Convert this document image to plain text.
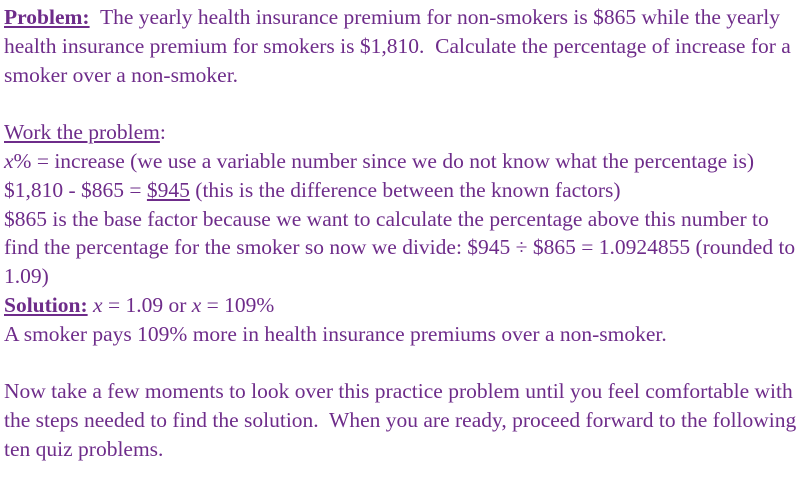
Problem:  The yearly health insurance premium for non-smokers is $865 while the yearly health insurance premium for smokers is $1,810.  Calculate the percentage of increase for a smoker over a non-smoker.

Work the problem:

x% = increase (we use a variable number since we do not know what the percentage is)

$1,810 - $865 = $945 (this is the difference between the known factors)

$865 is the base factor because we want to calculate the percentage above this number to find the percentage for the smoker so now we divide: $945 ÷ $865 = 1.0924855 (rounded to 1.09)

Solution: x = 1.09 or x = 109%

A smoker pays 109% more in health insurance premiums over a non-smoker.

Now take a few moments to look over this practice problem until you feel comfortable with the steps needed to find the solution.  When you are ready, proceed forward to the following ten quiz problems.
